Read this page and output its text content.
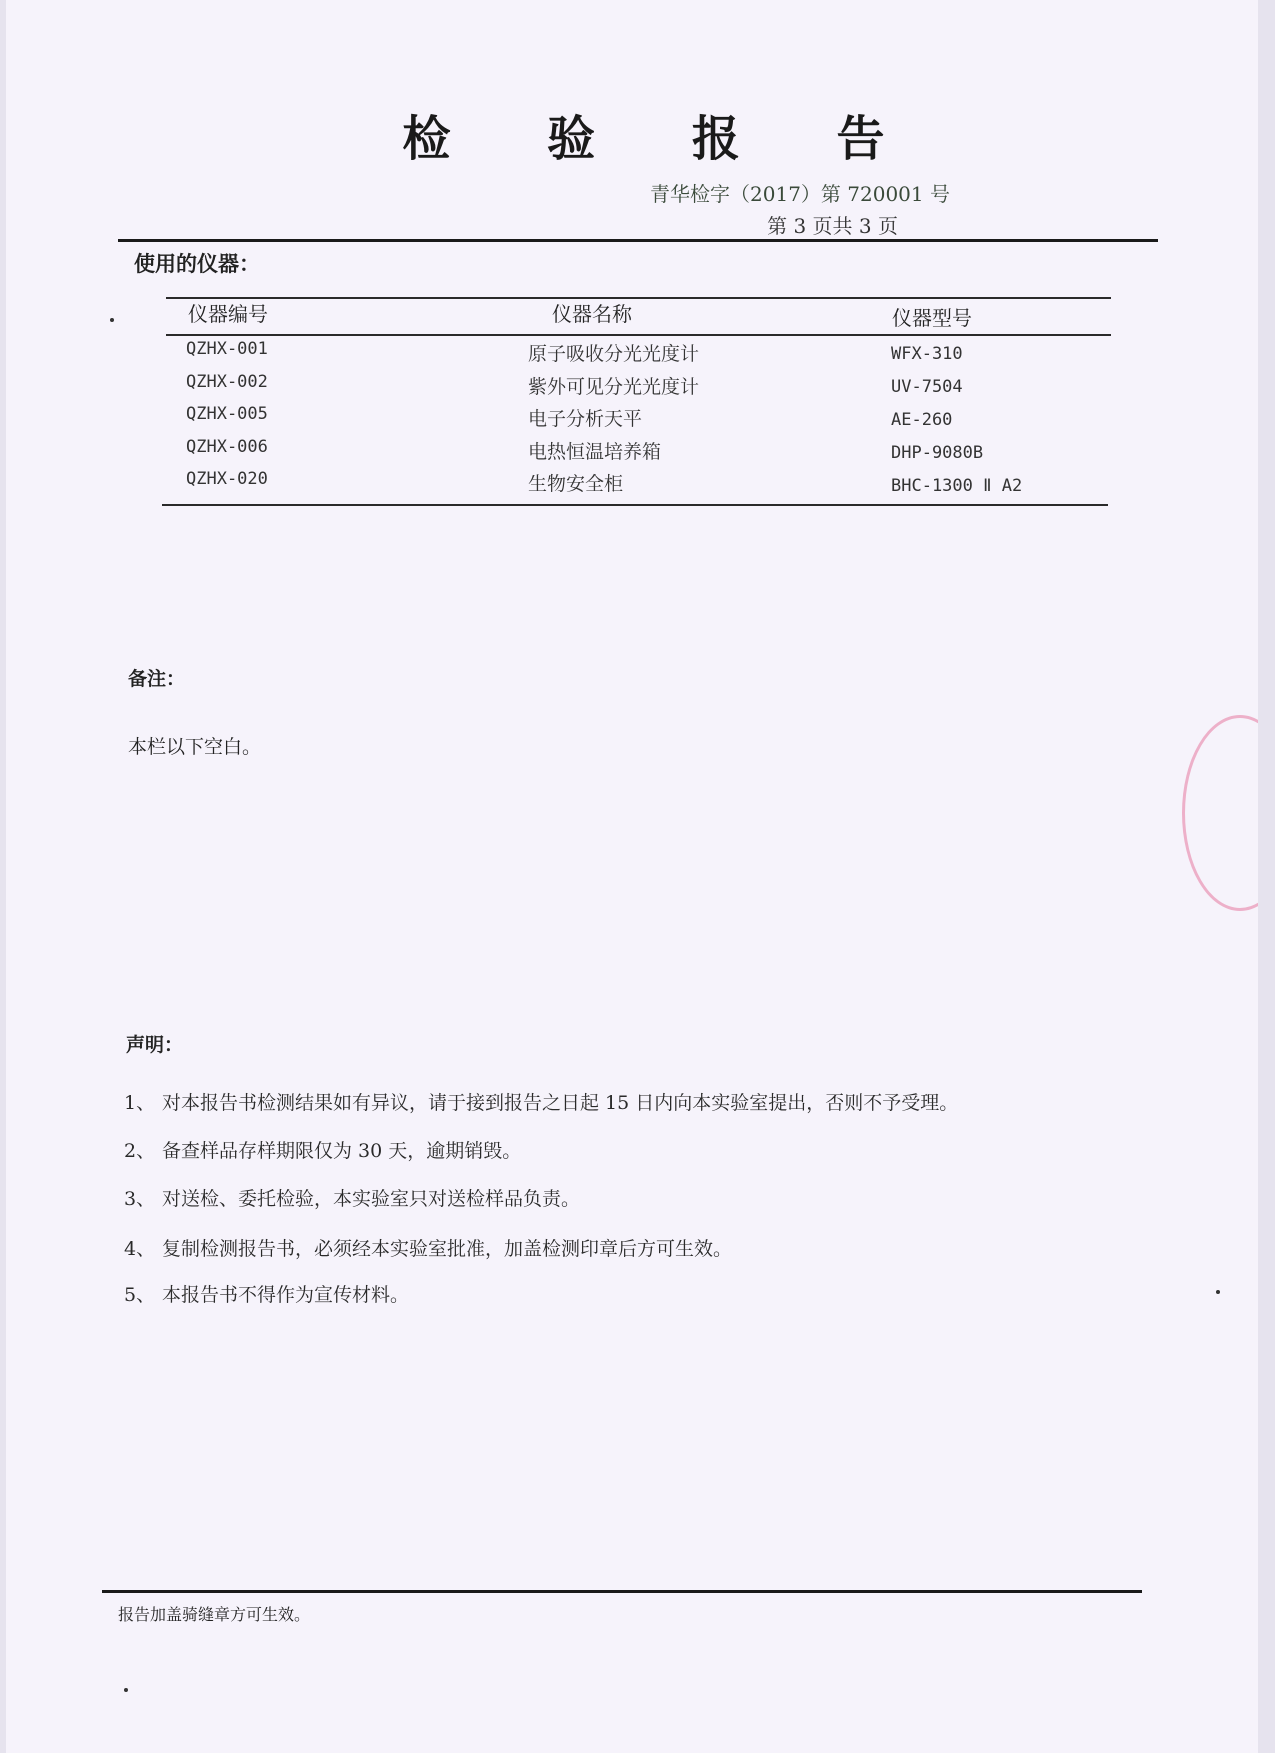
检 验 报 告
青华检字（2017）第 720001 号
第 3 页共 3 页
使用的仪器：
仪器编号	仪器名称	仪器型号
QZHX-001	原子吸收分光光度计	WFX-310
QZHX-002	紫外可见分光光度计	UV-7504
QZHX-005	电子分析天平	AE-260
QZHX-006	电热恒温培养箱	DHP-9080B
QZHX-020	生物安全柜	BHC-1300 Ⅱ A2
备注：
本栏以下空白。
声明：
1、 对本报告书检测结果如有异议，请于接到报告之日起 15 日内向本实验室提出，否则不予受理。
2、 备查样品存样期限仅为 30 天，逾期销毁。
3、 对送检、委托检验，本实验室只对送检样品负责。
4、 复制检测报告书，必须经本实验室批准，加盖检测印章后方可生效。
5、 本报告书不得作为宣传材料。
报告加盖骑缝章方可生效。
